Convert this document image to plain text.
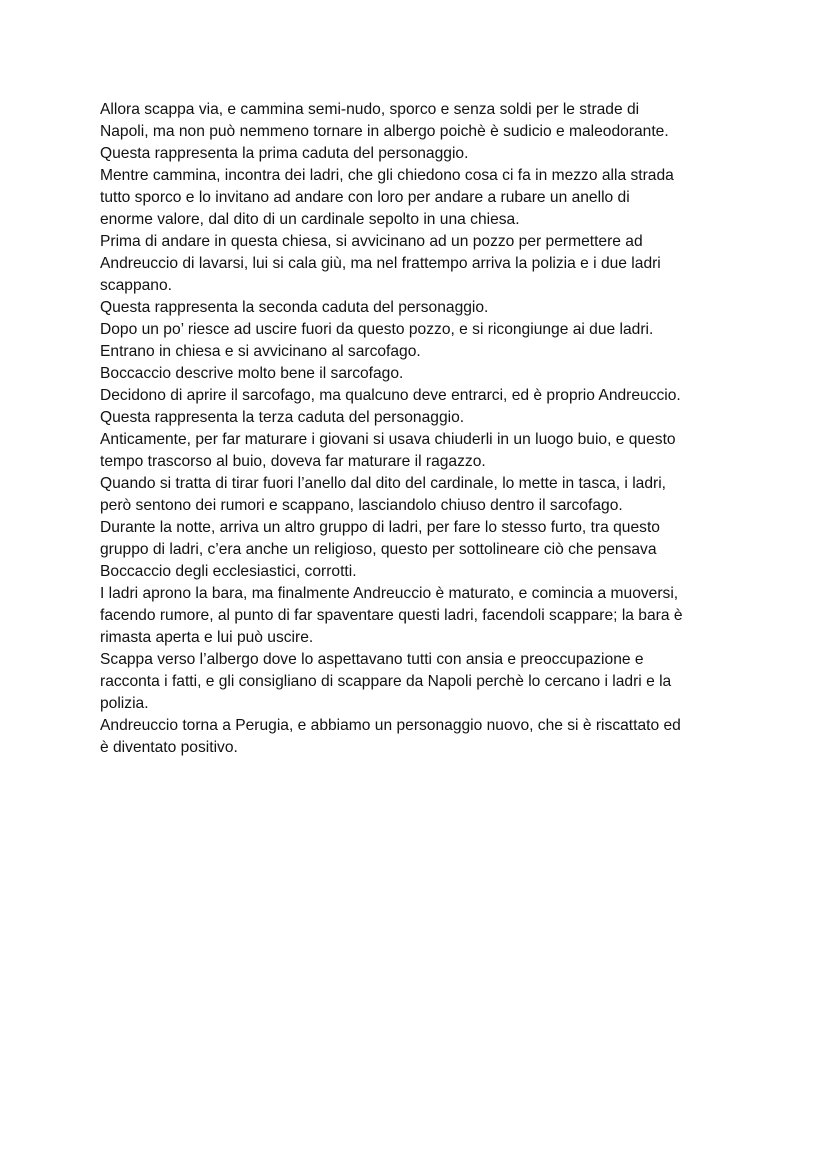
Allora scappa via, e cammina semi-nudo, sporco e senza soldi per le strade di
Napoli, ma non può nemmeno tornare in albergo poichè è sudicio e maleodorante.
Questa rappresenta la prima caduta del personaggio.
Mentre cammina, incontra dei ladri, che gli chiedono cosa ci fa in mezzo alla strada
tutto sporco e lo invitano ad andare con loro per andare a rubare un anello di
enorme valore, dal dito di un cardinale sepolto in una chiesa.
Prima di andare in questa chiesa, si avvicinano ad un pozzo per permettere ad
Andreuccio di lavarsi, lui si cala giù, ma nel frattempo arriva la polizia e i due ladri
scappano.
Questa rappresenta la seconda caduta del personaggio.
Dopo un po’ riesce ad uscire fuori da questo pozzo, e si ricongiunge ai due ladri.
Entrano in chiesa e si avvicinano al sarcofago.
Boccaccio descrive molto bene il sarcofago.
Decidono di aprire il sarcofago, ma qualcuno deve entrarci, ed è proprio Andreuccio.
Questa rappresenta la terza caduta del personaggio.
Anticamente, per far maturare i giovani si usava chiuderli in un luogo buio, e questo
tempo trascorso al buio, doveva far maturare il ragazzo.
Quando si tratta di tirar fuori l’anello dal dito del cardinale, lo mette in tasca, i ladri,
però sentono dei rumori e scappano, lasciandolo chiuso dentro il sarcofago.
Durante la notte, arriva un altro gruppo di ladri, per fare lo stesso furto, tra questo
gruppo di ladri, c’era anche un religioso, questo per sottolineare ciò che pensava
Boccaccio degli ecclesiastici, corrotti.
I ladri aprono la bara, ma finalmente Andreuccio è maturato, e comincia a muoversi,
facendo rumore, al punto di far spaventare questi ladri, facendoli scappare; la bara è
rimasta aperta e lui può uscire.
Scappa verso l’albergo dove lo aspettavano tutti con ansia e preoccupazione e
racconta i fatti, e gli consigliano di scappare da Napoli perchè lo cercano i ladri e la
polizia.
Andreuccio torna a Perugia, e abbiamo un personaggio nuovo, che si è riscattato ed
è diventato positivo.
